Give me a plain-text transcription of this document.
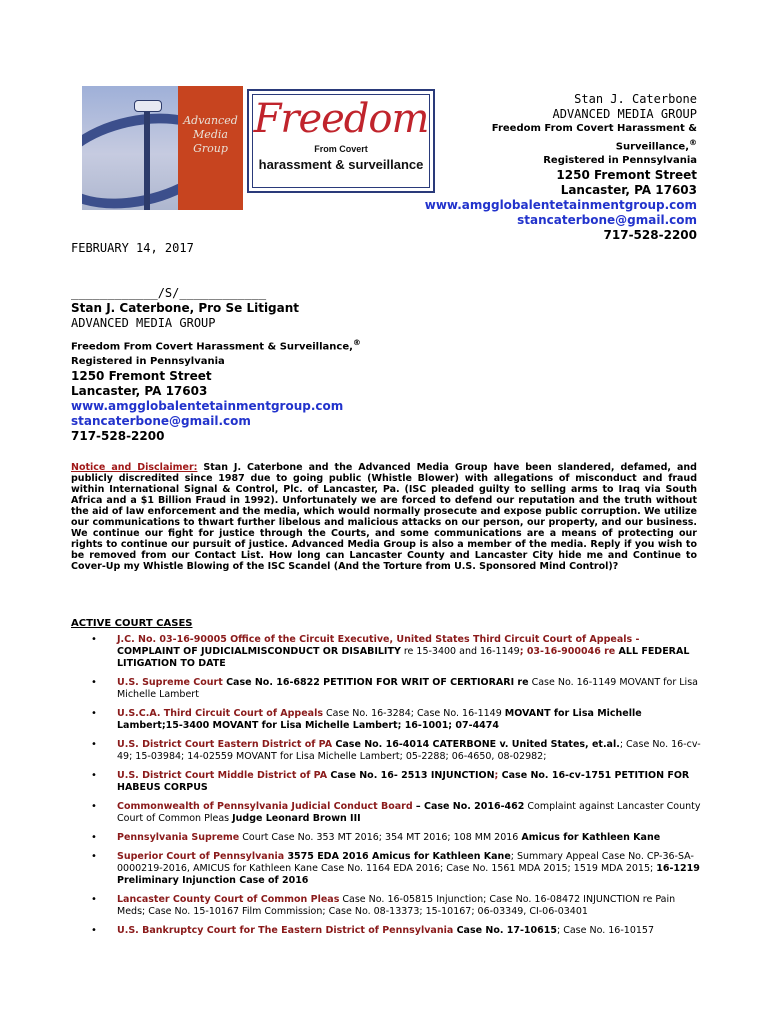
Advanced Media Group
Freedom
From Covert
harassment & surveillance
Stan J. Caterbone
ADVANCED MEDIA GROUP
Freedom From Covert Harassment &
Surveillance,®
Registered in Pennsylvania
1250 Fremont Street
Lancaster, PA 17603
www.amgglobalentetainmentgroup.com
stancaterbone@gmail.com
717-528-2200
FEBRUARY 14, 2017
____________/S/____________
Stan J. Caterbone, Pro Se Litigant
ADVANCED MEDIA GROUP
Freedom From Covert Harassment & Surveillance,®
Registered in Pennsylvania
1250 Fremont Street
Lancaster, PA 17603
www.amgglobalentetainmentgroup.com
stancaterbone@gmail.com
717-528-2200
Notice and Disclaimer: Stan J. Caterbone and the Advanced Media Group have been slandered, defamed, and publicly discredited since 1987 due to going public (Whistle Blower) with allegations of misconduct and fraud within International Signal & Control, Plc. of Lancaster, Pa. (ISC pleaded guilty to selling arms to Iraq via South Africa and a $1 Billion Fraud in 1992). Unfortunately we are forced to defend our reputation and the truth without the aid of law enforcement and the media, which would normally prosecute and expose public corruption. We utilize our communications to thwart further libelous and malicious attacks on our person, our property, and our business. We continue our fight for justice through the Courts, and some communications are a means of protecting our rights to continue our pursuit of justice. Advanced Media Group is also a member of the media. Reply if you wish to be removed from our Contact List. How long can Lancaster County and Lancaster City hide me and Continue to Cover-Up my Whistle Blowing of the ISC Scandel (And the Torture from U.S. Sponsored Mind Control)?
ACTIVE COURT CASES
• J.C. No. 03-16-90005 Office of the Circuit Executive, United States Third Circuit Court of Appeals - COMPLAINT OF JUDICIALMISCONDUCT OR DISABILITY re 15-3400 and 16-1149; 03-16-900046 re ALL FEDERAL LITIGATION TO DATE
• U.S. Supreme Court Case No. 16-6822 PETITION FOR WRIT OF CERTIORARI re Case No. 16-1149 MOVANT for Lisa Michelle Lambert
• U.S.C.A. Third Circuit Court of Appeals Case No. 16-3284; Case No. 16-1149 MOVANT for Lisa Michelle Lambert;15-3400 MOVANT for Lisa Michelle Lambert; 16-1001; 07-4474
• U.S. District Court Eastern District of PA Case No. 16-4014 CATERBONE v. United States, et.al.; Case No. 16-cv-49; 15-03984; 14-02559 MOVANT for Lisa Michelle Lambert; 05-2288; 06-4650, 08-02982;
• U.S. District Court Middle District of PA Case No. 16- 2513 INJUNCTION; Case No. 16-cv-1751 PETITION FOR HABEUS CORPUS
• Commonwealth of Pennsylvania Judicial Conduct Board – Case No. 2016-462 Complaint against Lancaster County Court of Common Pleas Judge Leonard Brown III
• Pennsylvania Supreme Court Case No. 353 MT 2016; 354 MT 2016; 108 MM 2016 Amicus for Kathleen Kane
• Superior Court of Pennsylvania 3575 EDA 2016 Amicus for Kathleen Kane; Summary Appeal Case No. CP-36-SA-0000219-2016, AMICUS for Kathleen Kane Case No. 1164 EDA 2016; Case No. 1561 MDA 2015; 1519 MDA 2015; 16-1219 Preliminary Injunction Case of 2016
• Lancaster County Court of Common Pleas Case No. 16-05815 Injunction; Case No. 16-08472 INJUNCTION re Pain Meds; Case No. 15-10167 Film Commission; Case No. 08-13373; 15-10167; 06-03349, CI-06-03401
• U.S. Bankruptcy Court for The Eastern District of Pennsylvania Case No. 17-10615; Case No. 16-10157
